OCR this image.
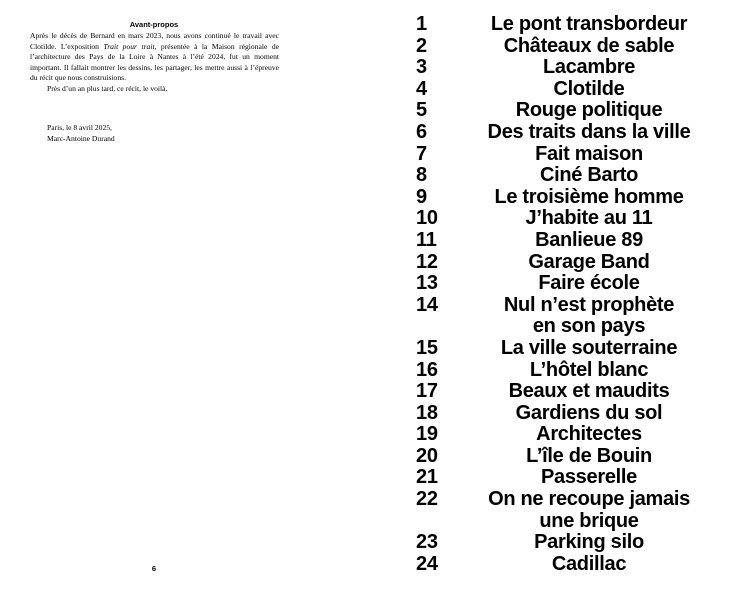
Avant-propos

Après le décès de Bernard en mars 2023, nous avons continué le travail avec Clotilde. L’exposition Trait pour trait, présentée à la Maison régionale de l’architecture des Pays de la Loire à Nantes à l’été 2024, fut un moment important. Il fallait montrer les dessins, les partager, les mettre aussi à l’épreuve du récit que nous construisions.

Près d’un an plus tard, ce récit, le voilà.

Paris, le 8 avril 2025,
Marc-Antoine Durand
6
1	Le pont transbordeur
2	Châteaux de sable
3	Lacambre
4	Clotilde
5	Rouge politique
6	Des traits dans la ville
7	Fait maison
8	Ciné Barto
9	Le troisième homme
10	J’habite au 11
11	Banlieue 89
12	Garage Band
13	Faire école
14	Nul n’est prophète
en son pays
15	La ville souterraine
16	L’hôtel blanc
17	Beaux et maudits
18	Gardiens du sol
19	Architectes
20	L’île de Bouin
21	Passerelle
22	On ne recoupe jamais
une brique
23	Parking silo
24	Cadillac
